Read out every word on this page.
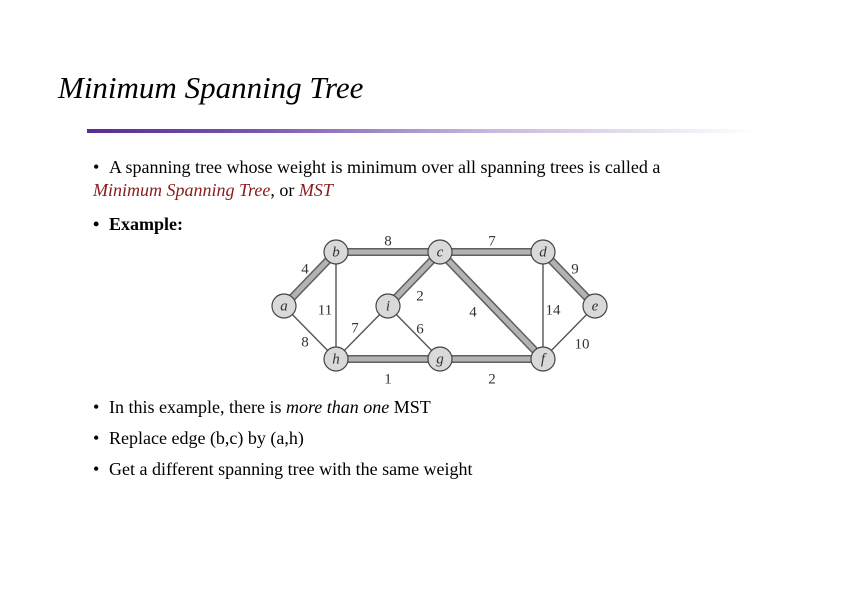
Minimum Spanning Tree
• A spanning tree whose weight is minimum over all spanning trees is called a
Minimum Spanning Tree, or MST
• Example:
4
8
8
11
7
2
4
9
14
10
2
1
6
7
a
b	c	d
e
f
g
h
i
• In this example, there is more than one MST
• Replace edge (b,c) by (a,h)
• Get a different spanning tree with the same weight
